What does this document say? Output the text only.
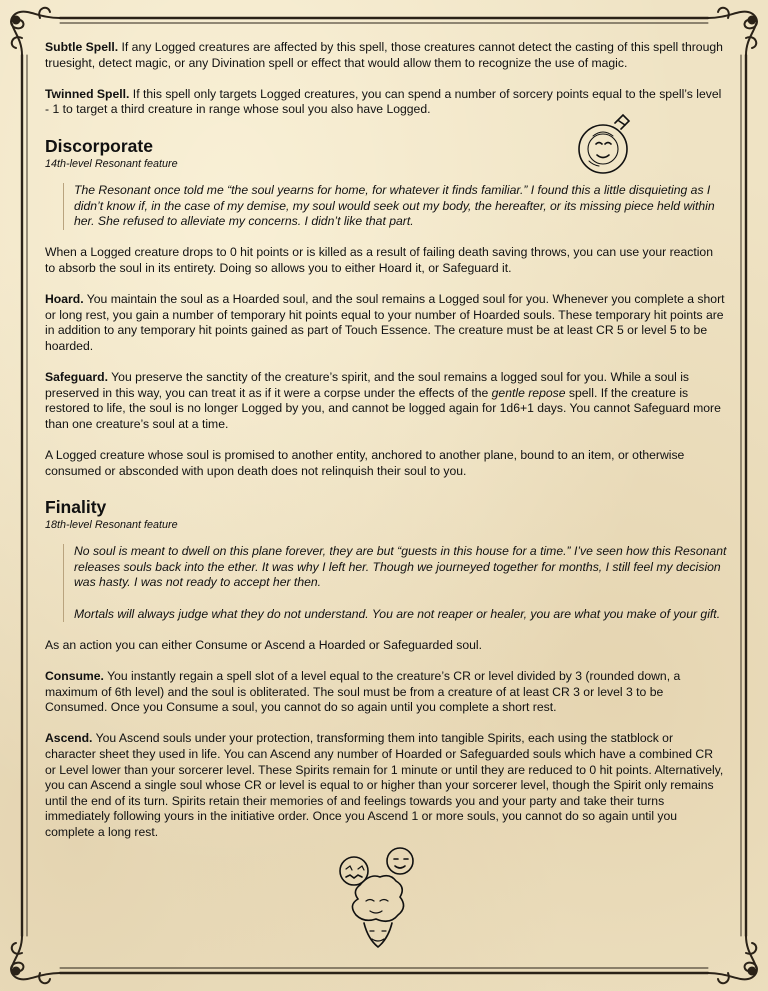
Subtle Spell. If any Logged creatures are affected by this spell, those creatures cannot detect the casting of this spell through truesight, detect magic, or any Divination spell or effect that would allow them to recognize the use of magic.

Twinned Spell. If this spell only targets Logged creatures, you can spend a number of sorcery points equal to the spell’s level - 1 to target a third creature in range whose soul you also have Logged.

Discorporate
14th-level Resonant feature

The Resonant once told me “the soul yearns for home, for whatever it finds familiar.” I found this a little disquieting as I didn’t know if, in the case of my demise, my soul would seek out my body, the hereafter, or its missing piece held within her. She refused to alleviate my concerns. I didn’t like that part.

When a Logged creature drops to 0 hit points or is killed as a result of failing death saving throws, you can use your reaction to absorb the soul in its entirety. Doing so allows you to either Hoard it, or Safeguard it.

Hoard. You maintain the soul as a Hoarded soul, and the soul remains a Logged soul for you. Whenever you complete a short or long rest, you gain a number of temporary hit points equal to your number of Hoarded souls. These temporary hit points are in addition to any temporary hit points gained as part of Touch Essence. The creature must be at least CR 5 or level 5 to be hoarded.

Safeguard. You preserve the sanctity of the creature’s spirit, and the soul remains a logged soul for you. While a soul is preserved in this way, you can treat it as if it were a corpse under the effects of the gentle repose spell. If the creature is restored to life, the soul is no longer Logged by you, and cannot be logged again for 1d6+1 days. You cannot Safeguard more than one creature’s soul at a time.

A Logged creature whose soul is promised to another entity, anchored to another plane, bound to an item, or otherwise consumed or absconded with upon death does not relinquish their soul to you.

Finality
18th-level Resonant feature

No soul is meant to dwell on this plane forever, they are but “guests in this house for a time.” I’ve seen how this Resonant releases souls back into the ether. It was why I left her. Though we journeyed together for months, I still feel my decision was hasty. I was not ready to accept her then.

Mortals will always judge what they do not understand. You are not reaper or healer, you are what you make of your gift.

As an action you can either Consume or Ascend a Hoarded or Safeguarded soul.

Consume. You instantly regain a spell slot of a level equal to the creature’s CR or level divided by 3 (rounded down, a maximum of 6th level) and the soul is obliterated. The soul must be from a creature of at least CR 3 or level 3 to be Consumed. Once you Consume a soul, you cannot do so again until you complete a short rest.

Ascend. You Ascend souls under your protection, transforming them into tangible Spirits, each using the statblock or character sheet they used in life. You can Ascend any number of Hoarded or Safeguarded souls which have a combined CR or Level lower than your sorcerer level. These Spirits remain for 1 minute or until they are reduced to 0 hit points. Alternatively, you can Ascend a single soul whose CR or level is equal to or higher than your sorcerer level, though the Spirit only remains until the end of its turn. Spirits retain their memories of and feelings towards you and your party and take their turns immediately following yours in the initiative order. Once you Ascend 1 or more souls, you cannot do so again until you complete a long rest.
